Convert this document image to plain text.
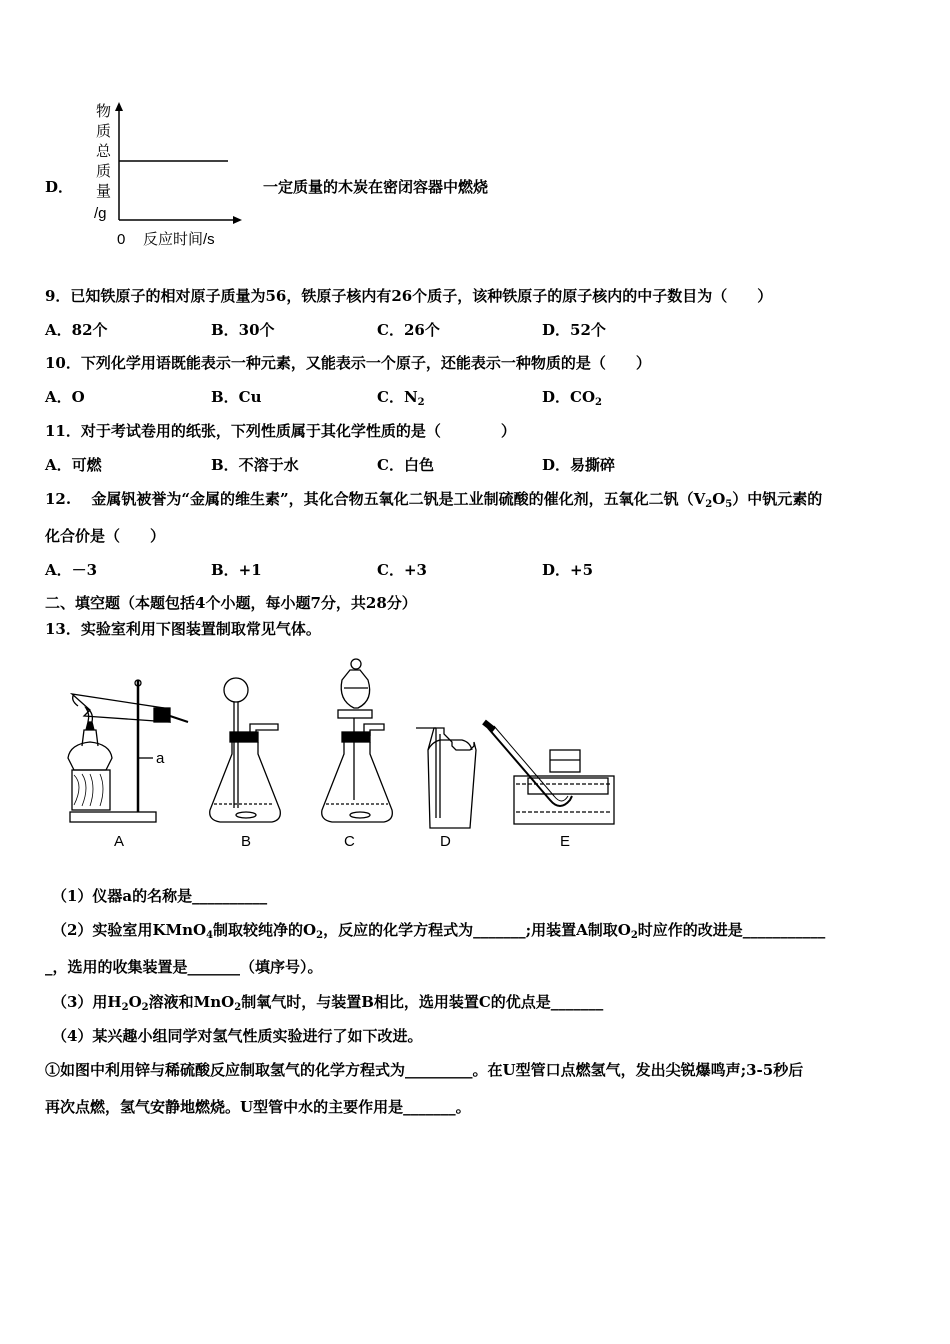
D．
物
质
总
质
量
/g
0 反应时间/s
一定质量的木炭在密闭容器中燃烧
9．已知铁原子的相对原子质量为56，铁原子核内有26个质子，该种铁原子的原子核内的中子数目为（　　）
A．82个	B．30个	C．26个	D．52个
10．下列化学用语既能表示一种元素，又能表示一个原子，还能表示一种物质的是（　　）
A．O	B．Cu	C．$N_2$	D．$CO_2$
11．对于考试卷用的纸张，下列性质属于其化学性质的是（　　　　）
A．可燃	B．不溶于水	C．白色	D．易撕碎
12.　 金属钒被誉为“金属的维生素”，其化合物五氧化二钒是工业制硫酸的催化剂，五氧化二钒$(V_2O_5)$中钒元素的
化合价是（　　）
A．－3	B．+1	C．+3	D．+5
二、填空题（本题包括4个小题，每小题7分，共28分）
13．实验室利用下图装置制取常见气体。
a
A	B	C	D	E
（1）仪器a的名称是__________
（2）实验室用KMnO$_4$制取较纯净的$O_2$，反应的化学方程式为_______;用装置A制取$O_2$时应作的改进是___________
_，选用的收集装置是_______（填序号）。
（3）用$H_2O_2$溶液和MnO$_2$制氧气时，与装置B相比，选用装置C的优点是_______
（4）某兴趣小组同学对氢气性质实验进行了如下改进。
①如图中利用锌与稀硫酸反应制取氢气的化学方程式为_________。在U型管口点燃氢气，发出尖锐爆鸣声;3-5秒后
再次点燃，氢气安静地燃烧。U型管中水的主要作用是_______。
